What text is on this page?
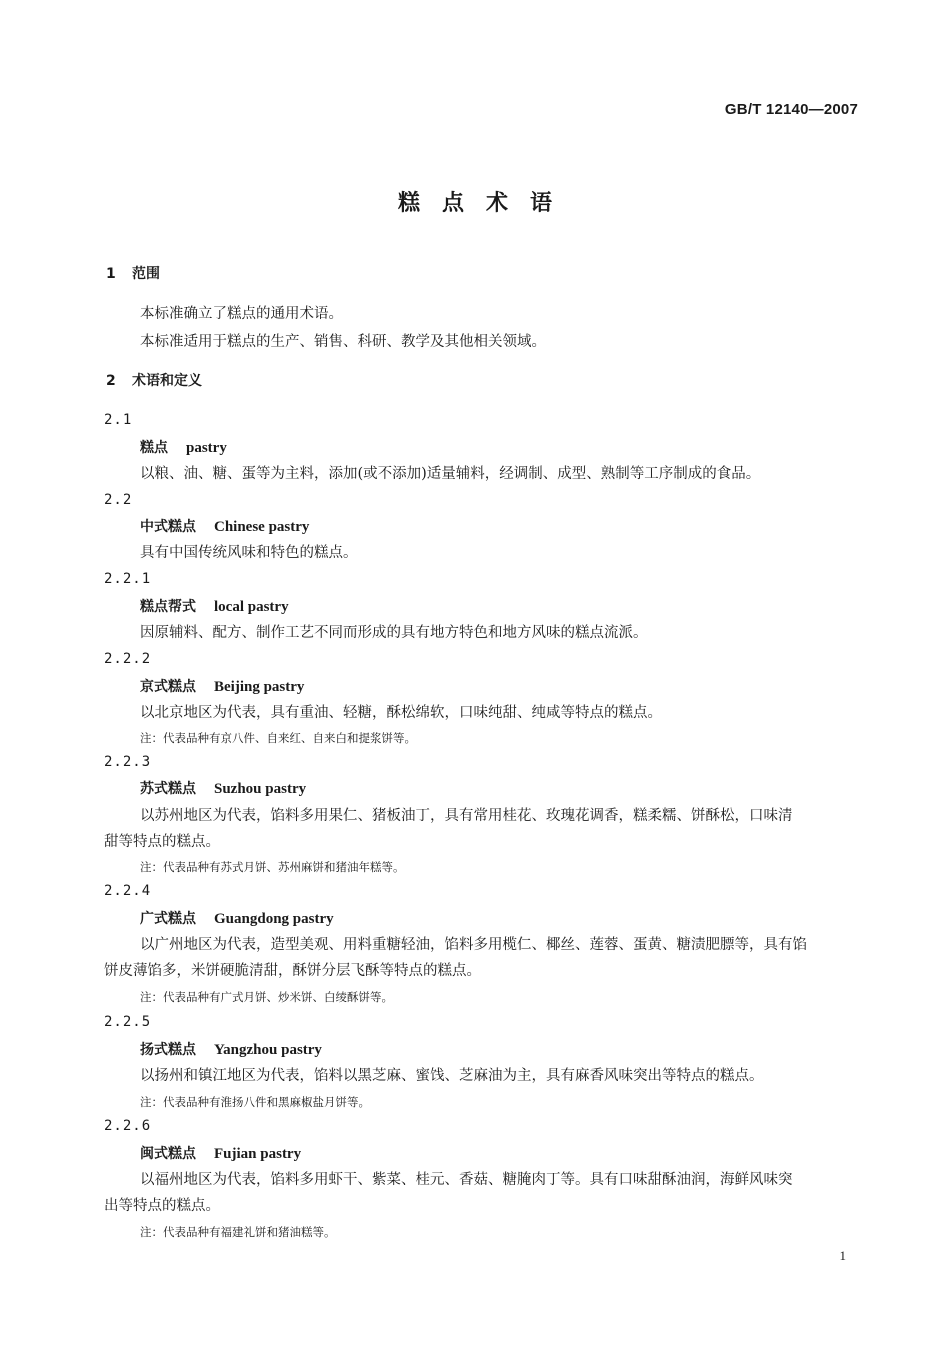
GB/T 12140—2007
糕点术语
1 范围
本标准确立了糕点的通用术语。
本标准适用于糕点的生产、销售、科研、教学及其他相关领域。
2 术语和定义
2.1
糕点 pastry
以粮、油、糖、蛋等为主料，添加(或不添加)适量辅料，经调制、成型、熟制等工序制成的食品。
2.2
中式糕点 Chinese pastry
具有中国传统风味和特色的糕点。
2.2.1
糕点帮式 local pastry
因原辅料、配方、制作工艺不同而形成的具有地方特色和地方风味的糕点流派。
2.2.2
京式糕点 Beijing pastry
以北京地区为代表，具有重油、轻糖，酥松绵软，口味纯甜、纯咸等特点的糕点。
注：代表品种有京八件、自来红、自来白和提浆饼等。
2.2.3
苏式糕点 Suzhou pastry
以苏州地区为代表，馅料多用果仁、猪板油丁，具有常用桂花、玫瑰花调香，糕柔糯、饼酥松，口味清
甜等特点的糕点。
注：代表品种有苏式月饼、苏州麻饼和猪油年糕等。
2.2.4
广式糕点 Guangdong pastry
以广州地区为代表，造型美观、用料重糖轻油，馅料多用榄仁、椰丝、莲蓉、蛋黄、糖渍肥膘等，具有馅
饼皮薄馅多，米饼硬脆清甜，酥饼分层飞酥等特点的糕点。
注：代表品种有广式月饼、炒米饼、白绫酥饼等。
2.2.5
扬式糕点 Yangzhou pastry
以扬州和镇江地区为代表，馅料以黑芝麻、蜜饯、芝麻油为主，具有麻香风味突出等特点的糕点。
注：代表品种有淮扬八件和黑麻椒盐月饼等。
2.2.6
闽式糕点 Fujian pastry
以福州地区为代表，馅料多用虾干、紫菜、桂元、香菇、糖腌肉丁等。具有口味甜酥油润，海鲜风味突
出等特点的糕点。
注：代表品种有福建礼饼和猪油糕等。
1
